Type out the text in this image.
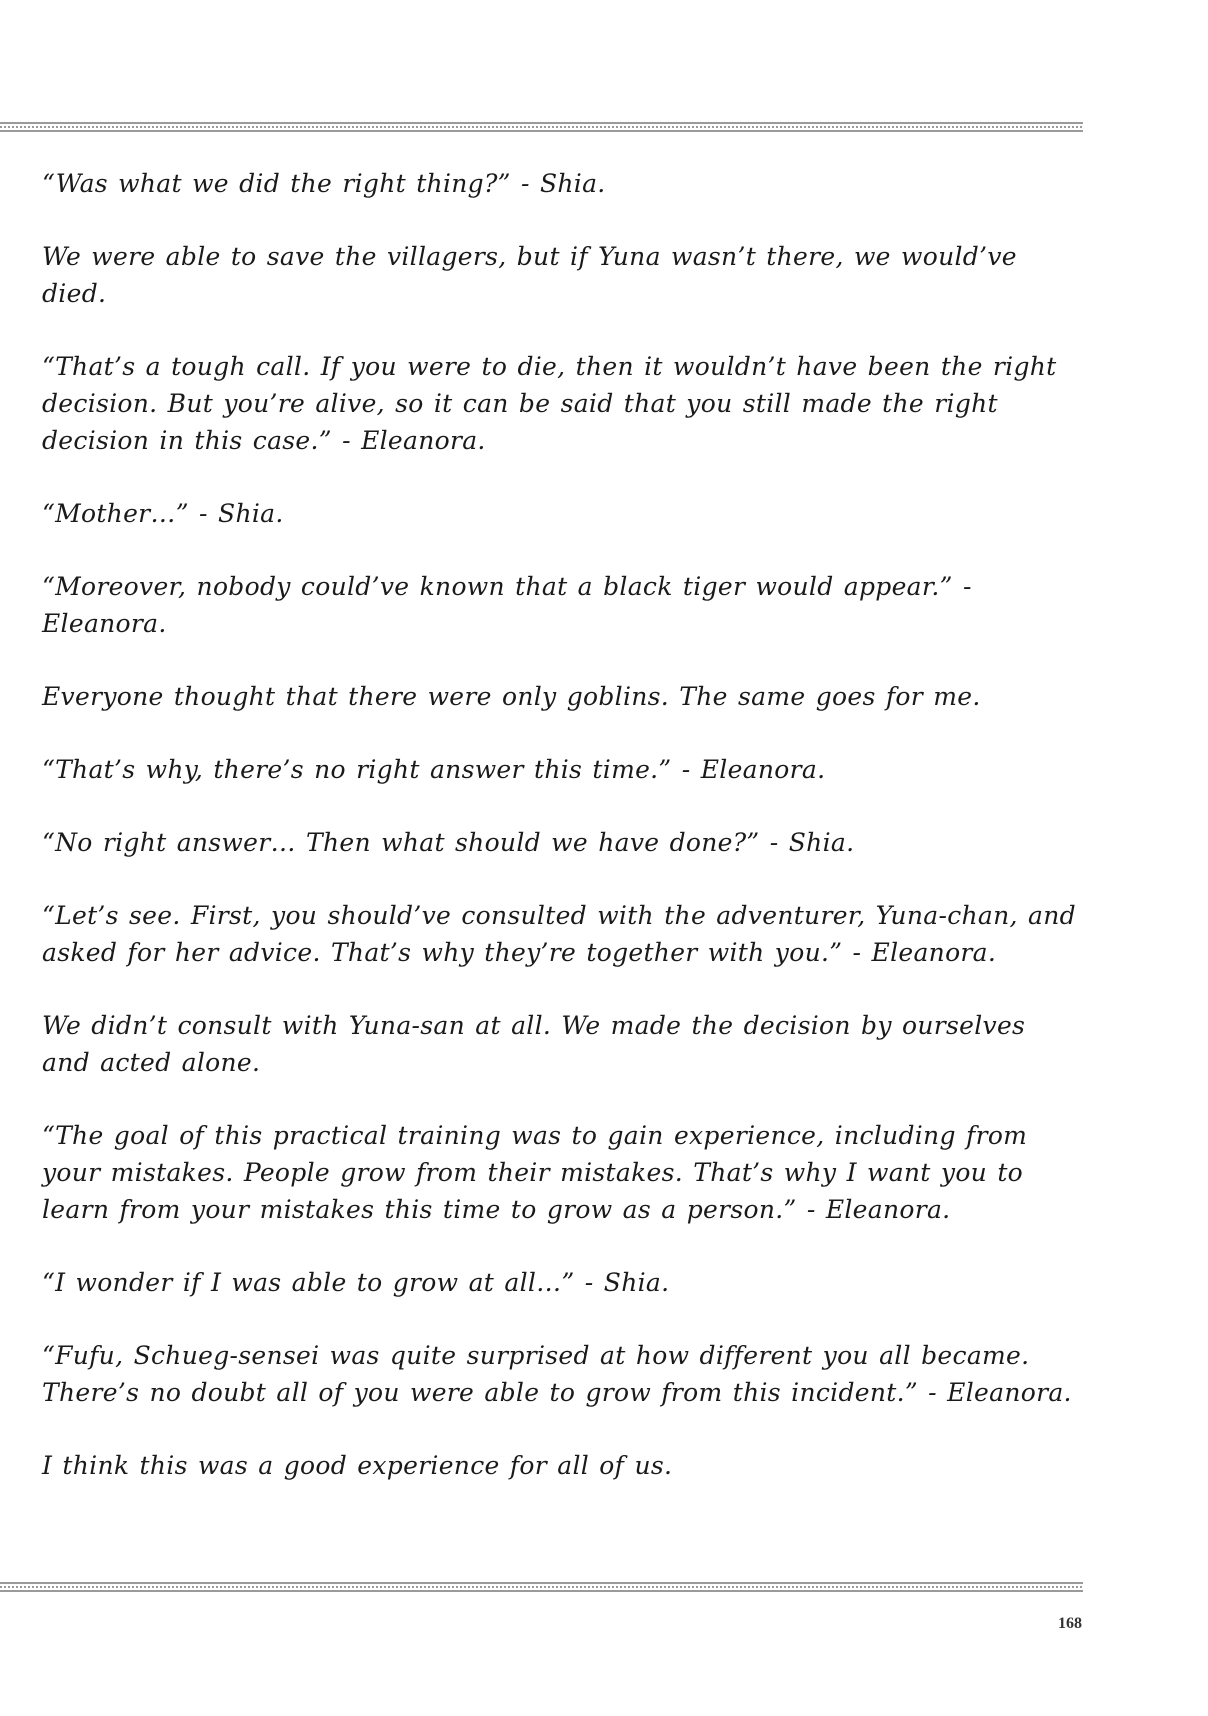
“Was what we did the right thing?” - Shia.

We were able to save the villagers, but if Yuna wasn’t there, we would’ve died.

“That’s a tough call. If you were to die, then it wouldn’t have been the right decision. But you’re alive, so it can be said that you still made the right decision in this case.” - Eleanora.

“Mother…” - Shia.

“Moreover, nobody could’ve known that a black tiger would appear.” - Eleanora.

Everyone thought that there were only goblins. The same goes for me.

“That’s why, there’s no right answer this time.” - Eleanora.

“No right answer… Then what should we have done?” - Shia.

“Let’s see. First, you should’ve consulted with the adventurer, Yuna-chan, and asked for her advice. That’s why they’re together with you.” - Eleanora.

We didn’t consult with Yuna-san at all. We made the decision by ourselves and acted alone.

“The goal of this practical training was to gain experience, including from your mistakes. People grow from their mistakes. That’s why I want you to learn from your mistakes this time to grow as a person.” - Eleanora.

“I wonder if I was able to grow at all…” - Shia.

“Fufu, Schueg-sensei was quite surprised at how different you all became. There’s no doubt all of you were able to grow from this incident.” - Eleanora.

I think this was a good experience for all of us.

168
